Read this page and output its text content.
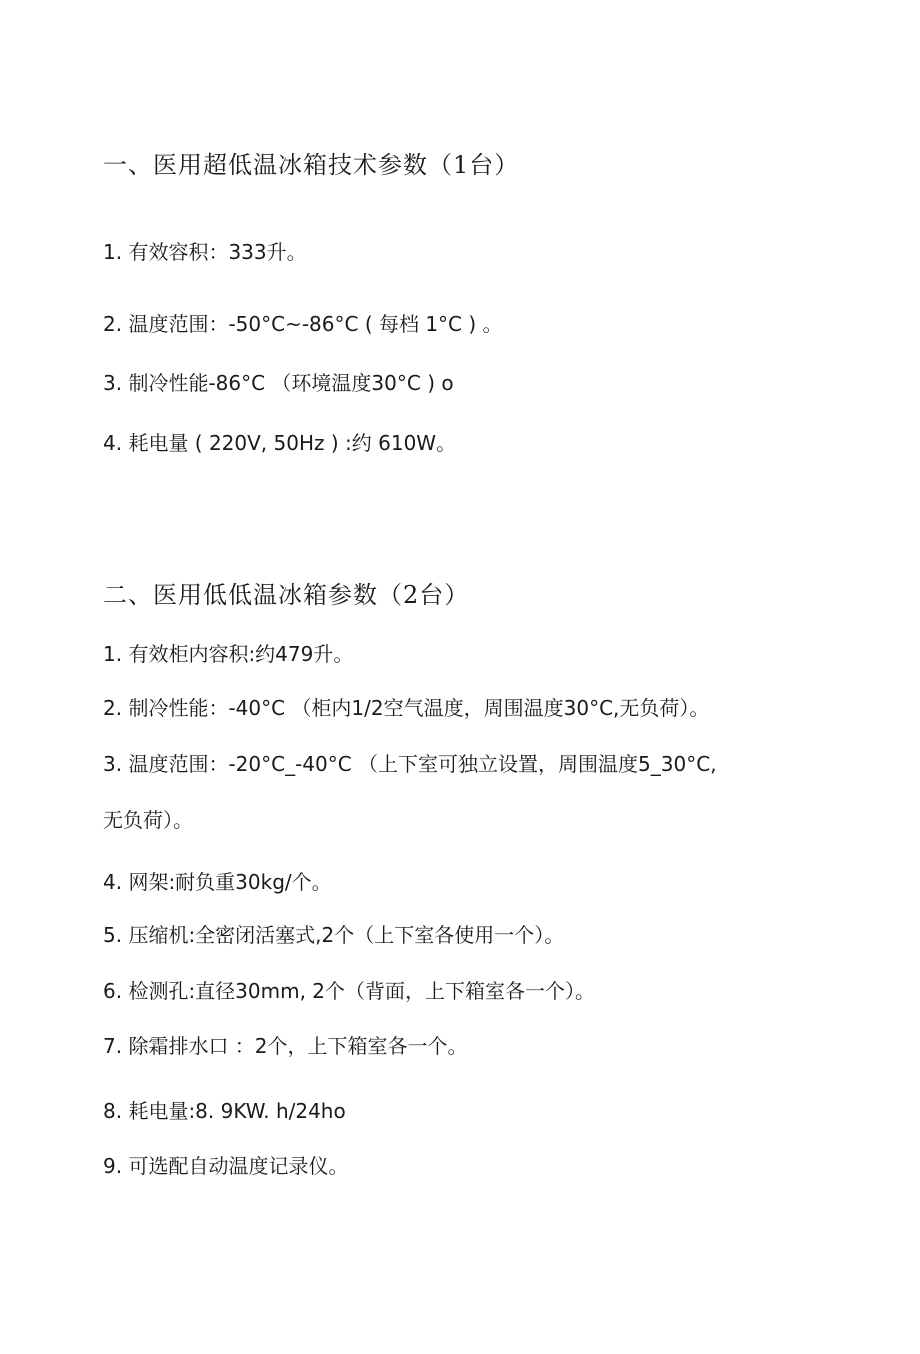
一、医用超低温冰箱技术参数（1台）

1. 有效容积：333升。

2. 温度范围：-50°C~-86°C ( 每档 1°C ) 。

3. 制冷性能-86°C （环境温度30°C ) o

4. 耗电量 ( 220V, 50Hz ) :约 610W。

二、医用低低温冰箱参数（2台）

1. 有效柜内容积:约479升。

2. 制冷性能：-40°C （柜内1/2空气温度，周围温度30°C,无负荷）。

3. 温度范围：-20°C_-40°C （上下室可独立设置，周围温度5_30°C,

无负荷）。

4. 网架:耐负重30kg/个。

5. 压缩机:全密闭活塞式,2个（上下室各使用一个）。

6. 检测孔:直径30mm, 2个（背面，上下箱室各一个）。

7. 除霜排水口 ：2个，上下箱室各一个。

8. 耗电量:8. 9KW. h/24ho

9. 可选配自动温度记录仪。
